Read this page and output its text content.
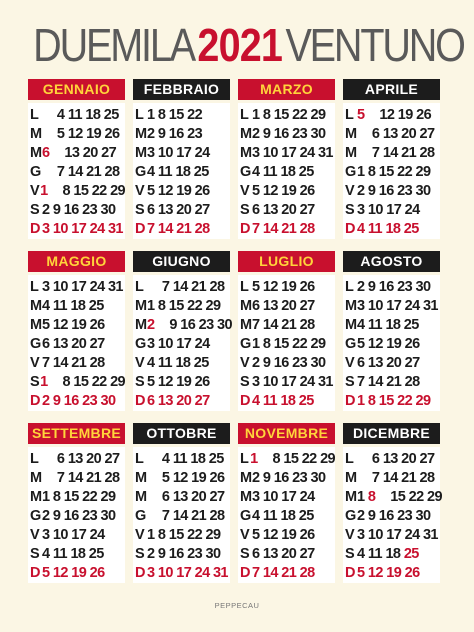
DUEMILA2021VENTUNO
GENNAIO
L   4 11 18 25
M   5 12 19 26
M 6  13 20 27
G   7 14 21 28
V 1  8 15 22 29
S 2 9 16 23 30
D 3 10 17 24 31
FEBBRAIO
L 1 8 15 22
M 2 9 16 23
M 3 10 17 24
G 4 11 18 25
V 5 12 19 26
S 6 13 20 27
D 7 14 21 28
MARZO
L 1 8 15 22 29
M 2 9 16 23 30
M 3 10 17 24 31
G 4 11 18 25
V 5 12 19 26
S 6 13 20 27
D 7 14 21 28
APRILE
L 5  12 19 26
M   6 13 20 27
M   7 14 21 28
G 1 8 15 22 29
V 2 9 16 23 30
S 3 10 17 24
D 4 11 18 25
MAGGIO
L 3 10 17 24 31
M 4 11 18 25
M 5 12 19 26
G 6 13 20 27
V 7 14 21 28
S 1  8 15 22 29
D 2 9 16 23 30
GIUGNO
L   7 14 21 28
M 1 8 15 22 29
M 2  9 16 23 30
G 3 10 17 24
V 4 11 18 25
S 5 12 19 26
D 6 13 20 27
LUGLIO
L 5 12 19 26
M 6 13 20 27
M 7 14 21 28
G 1 8 15 22 29
V 2 9 16 23 30
S 3 10 17 24 31
D 4 11 18 25
AGOSTO
L 2 9 16 23 30
M 3 10 17 24 31
M 4 11 18 25
G 5 12 19 26
V 6 13 20 27
S 7 14 21 28
D 1 8 15 22 29
SETTEMBRE
L   6 13 20 27
M   7 14 21 28
M 1 8 15 22 29
G 2 9 16 23 30
V 3 10 17 24
S 4 11 18 25
D 5 12 19 26
OTTOBRE
L   4 11 18 25
M   5 12 19 26
M   6 13 20 27
G   7 14 21 28
V 1 8 15 22 29
S 2 9 16 23 30
D 3 10 17 24 31
NOVEMBRE
L 1  8 15 22 29
M 2 9 16 23 30
M 3 10 17 24
G 4 11 18 25
V 5 12 19 26
S 6 13 20 27
D 7 14 21 28
DICEMBRE
L   6 13 20 27
M   7 14 21 28
M 1 8  15 22 29
G 2 9 16 23 30
V 3 10 17 24 31
S 4 11 18 25
D 5 12 19 26
PEPPECAU
